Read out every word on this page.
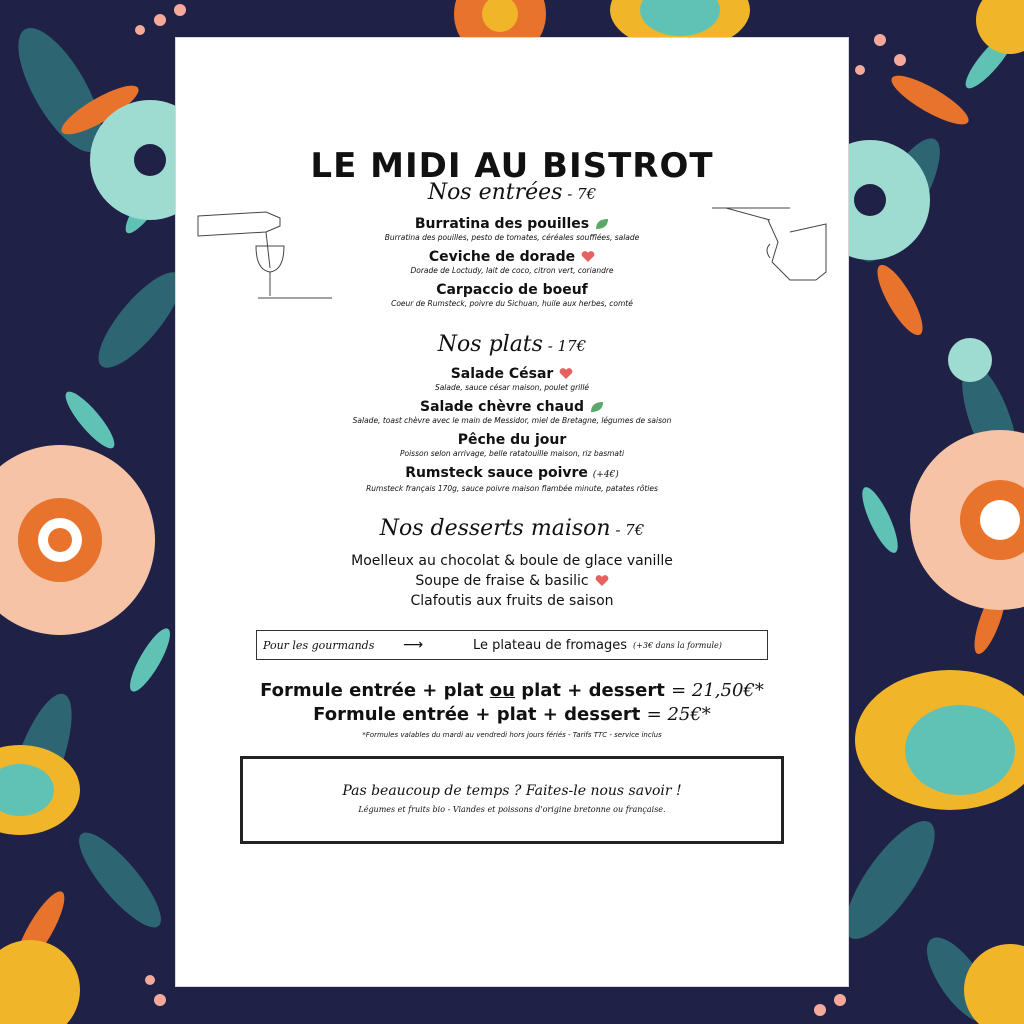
LE MIDI AU BISTROT
Nos entrées - 7€
Burratina des pouilles
Burratina des pouilles, pesto de tomates, céréales soufflées, salade
Ceviche de dorade
Dorade de Loctudy, lait de coco, citron vert, coriandre
Carpaccio de boeuf
Coeur de Rumsteck, poivre du Sichuan, huile aux herbes, comté
Nos plats - 17€
Salade César
Salade, sauce césar maison, poulet grillé
Salade chèvre chaud
Salade, toast chèvre avec le main de Messidor, miel de Bretagne, légumes de saison
Pêche du jour
Poisson selon arrivage, belle ratatouille maison, riz basmati
Rumsteck sauce poivre (+4€)
Rumsteck français 170g, sauce poivre maison flambée minute, patates rôties
Nos desserts maison - 7€
Moelleux au chocolat & boule de glace vanille
Soupe de fraise & basilic
Clafoutis aux fruits de saison
Pour les gourmands	⟶	Le plateau de fromages (+3€ dans la formule)
Formule entrée + plat ou plat + dessert = 21,50€*
Formule entrée + plat + dessert = 25€*
*Formules valables du mardi au vendredi hors jours fériés - Tarifs TTC - service inclus
Pas beaucoup de temps ? Faites-le nous savoir !
Légumes et fruits bio - Viandes et poissons d'origine bretonne ou française.
